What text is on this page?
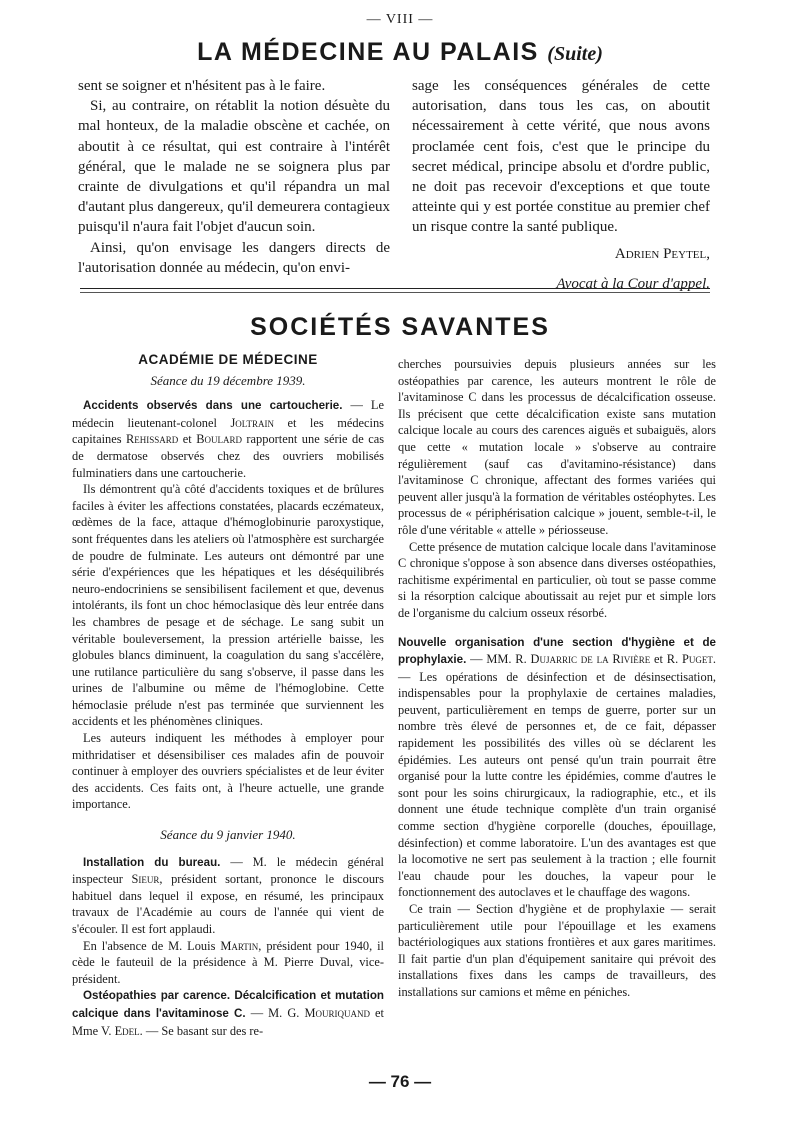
— VIII —
LA MÉDECINE AU PALAIS (Suite)

sent se soigner et n'hésitent pas à le faire.

Si, au contraire, on rétablit la notion désuète du mal honteux, de la maladie obscène et cachée, on aboutit à ce résultat, qui est contraire à l'intérêt général, que le malade ne se soignera plus par crainte de divulgations et qu'il répandra un mal d'autant plus dangereux, qu'il demeurera contagieux puisqu'il n'aura fait l'objet d'aucun soin.

Ainsi, qu'on envisage les dangers directs de l'autorisation donnée au médecin, qu'on envi-

sage les conséquences générales de cette autorisation, dans tous les cas, on aboutit nécessairement à cette vérité, que nous avons proclamée cent fois, c'est que le principe du secret médical, principe absolu et d'ordre public, ne doit pas recevoir d'exceptions et que toute atteinte qui y est portée constitue au premier chef un risque contre la santé publique.

Adrien Peytel,

Avocat à la Cour d'appel.

SOCIÉTÉS SAVANTES
ACADÉMIE DE MÉDECINE
Séance du 19 décembre 1939.

Accidents observés dans une cartoucherie. — Le médecin lieutenant-colonel Joltrain et les médecins capitaines Rehissard et Boulard rapportent une série de cas de dermatose observés chez des ouvriers mobilisés fulminatiers dans une cartoucherie.

Ils démontrent qu'à côté d'accidents toxiques et de brûlures faciles à éviter les affections constatées, placards eczémateux, œdèmes de la face, attaque d'hémoglobinurie paroxystique, sont fréquentes dans les ateliers où l'atmosphère est surchargée de poudre de fulminate. Les auteurs ont démontré par une série d'expériences que les hépatiques et les déséquilibrés neuro-endocriniens se sensibilisent facilement et que, devenus intolérants, ils font un choc hémoclasique dès leur entrée dans les chambres de pesage et de séchage. Le sang subit un véritable bouleversement, la pression artérielle baisse, les globules blancs diminuent, la coagulation du sang s'accélère, une rutilance particulière du sang s'observe, il passe dans les urines de l'albumine ou même de l'hémoglobine. Cette hémoclasie prélude n'est pas terminée que surviennent les accidents et les phénomènes cliniques.

Les auteurs indiquent les méthodes à employer pour mithridatiser et désensibiliser ces malades afin de pouvoir continuer à employer des ouvriers spécialistes et de leur éviter des accidents. Ces faits ont, à l'heure actuelle, une grande importance.

Séance du 9 janvier 1940.

Installation du bureau. — M. le médecin général inspecteur Sieur, président sortant, prononce le discours habituel dans lequel il expose, en résumé, les principaux travaux de l'Académie au cours de l'année qui vient de s'écouler. Il est fort applaudi.

En l'absence de M. Louis Martin, président pour 1940, il cède le fauteuil de la présidence à M. Pierre Duval, vice-président.

Ostéopathies par carence. Décalcification et mutation calcique dans l'avitaminose C. — M. G. Mouriquand et Mme V. Edel. — Se basant sur des re-

cherches poursuivies depuis plusieurs années sur les ostéopathies par carence, les auteurs montrent le rôle de l'avitaminose C dans les processus de décalcification osseuse. Ils précisent que cette décalcification existe sans mutation calcique locale au cours des carences aiguës et subaiguës, alors que cette « mutation locale » s'observe au contraire régulièrement (sauf cas d'avitamino-résistance) dans l'avitaminose C chronique, affectant des formes variées qui peuvent aller jusqu'à la formation de véritables ostéophytes. Les processus de « périphérisation calcique » jouent, semble-t-il, le rôle d'une véritable « attelle » périosseuse.

Cette présence de mutation calcique locale dans l'avitaminose C chronique s'oppose à son absence dans diverses ostéopathies, rachitisme expérimental en particulier, où tout se passe comme si la résorption calcique aboutissait au rejet pur et simple lors de l'organisme du calcium osseux résorbé.

Nouvelle organisation d'une section d'hygiène et de prophylaxie. — MM. R. Dujarric de la Rivière et R. Puget. — Les opérations de désinfection et de désinsectisation, indispensables pour la prophylaxie de certaines maladies, peuvent, particulièrement en temps de guerre, porter sur un nombre très élevé de personnes et, de ce fait, dépasser rapidement les possibilités des villes où se déclarent les épidémies. Les auteurs ont pensé qu'un train pourrait être organisé pour la lutte contre les épidémies, comme d'autres le sont pour les soins chirurgicaux, la radiographie, etc., et ils donnent une étude technique complète d'un train organisé comme section d'hygiène corporelle (douches, épouillage, désinfection) et comme laboratoire. L'un des avantages est que la locomotive ne sert pas seulement à la traction ; elle fournit l'eau chaude pour les douches, la vapeur pour le fonctionnement des autoclaves et le chauffage des wagons.

Ce train — Section d'hygiène et de prophylaxie — serait particulièrement utile pour l'épouillage et les examens bactériologiques aux stations frontières et aux gares maritimes. Il fait partie d'un plan d'équipement sanitaire qui prévoit des installations fixes dans les camps de travailleurs, des installations sur camions et même en péniches.

— 76 —
